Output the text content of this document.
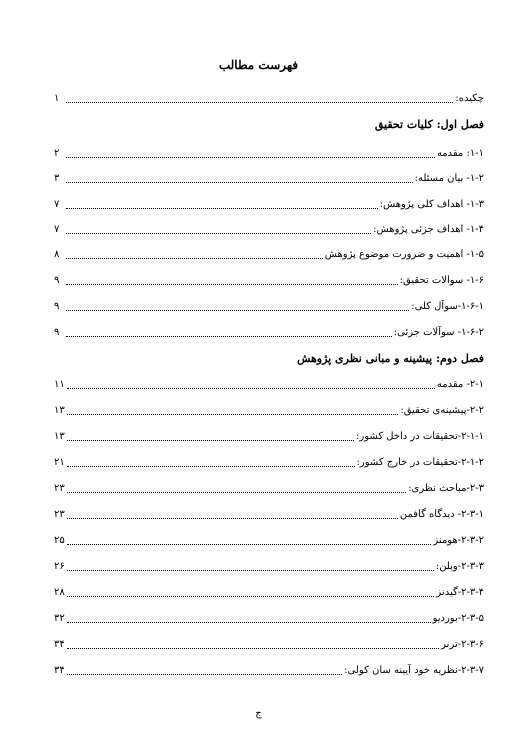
فهرست مطالب
چکیده:
۱
فصل اول: کلیات تحقیق
۱-۱: مقدمه
۲
۱-۲- بیان مسئله:
۳
۱-۳- اهداف کلی پژوهش:
۷
۱-۴- اهداف جزئی پژوهش:
۷
۱-۵- اهمیت و ضرورت موضوع پژوهش
۸
۱-۶- سوالات تحقیق:
۹
۱-۶-۱-سوآل کلی:
۹
۱-۶-۲- سوآلات جزئی:
۹
فصل دوم: پیشینه و مبانی نظری پژوهش
۲-۱- مقدمه
۱۱
۲-۲-پیشینه‌ی تحقیق:
۱۳
۲-۱-۱-تحقیقات در داخل کشور:
۱۳
۲-۱-۲-تحقیقات در خارج کشور:
۲۱
۲-۳-مباحث نظری:
۲۳
۲-۳-۱- دیدگاه گافمن
۲۳
۲-۳-۲-هومنز
۲۵
۲-۳-۳-وبلن:
۲۶
۲-۳-۴-گیدنز
۲۸
۲-۳-۵-بوردیو
۳۲
۲-۳-۶-ترنر
۳۴
۲-۳-۷-نظریه خود آیینه سان کولی:
۳۴
ج
